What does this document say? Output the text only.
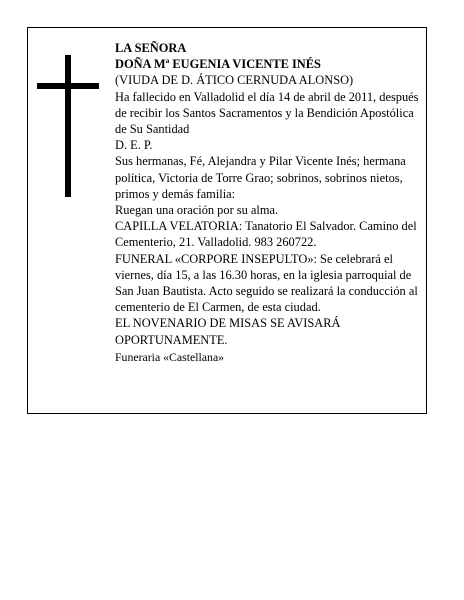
LA SEÑORA

DOÑA Mª EUGENIA VICENTE INÉS

(VIUDA DE D. ÁTICO CERNUDA ALONSO)

Ha fallecido en Valladolid el día 14 de abril de 2011, después de recibir los Santos Sacramentos y la Bendición Apostólica de Su Santidad

D. E. P.

Sus hermanas, Fé, Alejandra y Pilar Vicente Inés; hermana política, Victoria de Torre Grao; sobrinos, sobrinos nietos, primos y demás familia:

Ruegan una oración por su alma.

CAPILLA VELATORIA: Tanatorio El Salvador. Camino del Cementerio, 21. Valladolid. 983 260722.

FUNERAL «CORPORE INSEPULTO»: Se celebrará el viernes, día 15, a las 16.30 horas, en la iglesia parroquial de San Juan Bautista. Acto seguido se realizará la conducción al cementerio de El Carmen, de esta ciudad.

EL NOVENARIO DE MISAS SE AVISARÁ OPORTUNAMENTE.

Funeraria «Castellana»
